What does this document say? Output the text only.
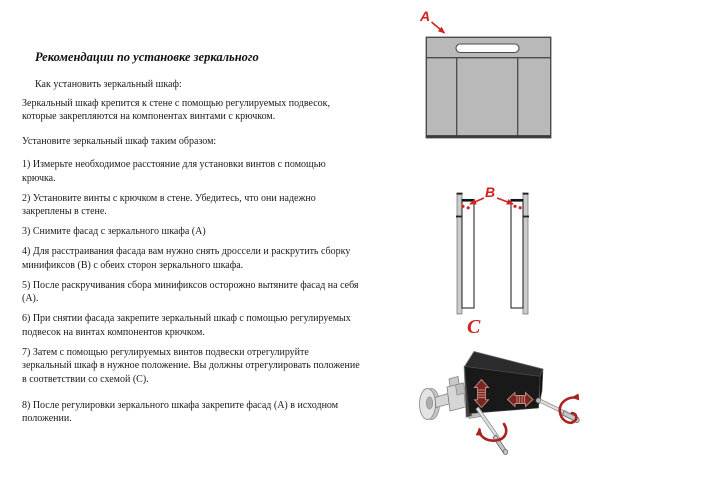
Рекомендации по установке зеркального

Как установить зеркальный шкаф:

Зеркальный шкаф крепится к стене с помощью регулируемых подвесок, которые закрепляются на компонентах винтами с крючком.

Установите зеркальный шкаф таким образом:

1) Измерьте необходимое расстояние для установки винтов с помощью крючка.

2) Установите винты с крючком в стене. Убедитесь, что они надежно закреплены в стене.

3) Снимите фасад с зеркального шкафа (А)

4) Для расстраивания фасада вам нужно снять дроссели и раскрутить сборку минификсов (В) с обеих сторон зеркального шкафа.

5) После раскручивания сбора минификсов осторожно вытяните фасад на себя (А).

6) При снятии фасада закрепите зеркальный шкаф с помощью регулируемых подвесок на винтах компонентов крючком.

7) Затем с помощью регулируемых винтов подвески отрегулируйте зеркальный шкаф в нужное положение. Вы должны отрегулировать положение в соответствии со схемой (С).

8) После регулировки зеркального шкафа закрепите фасад (А) в исходном положении.

A
B
C
